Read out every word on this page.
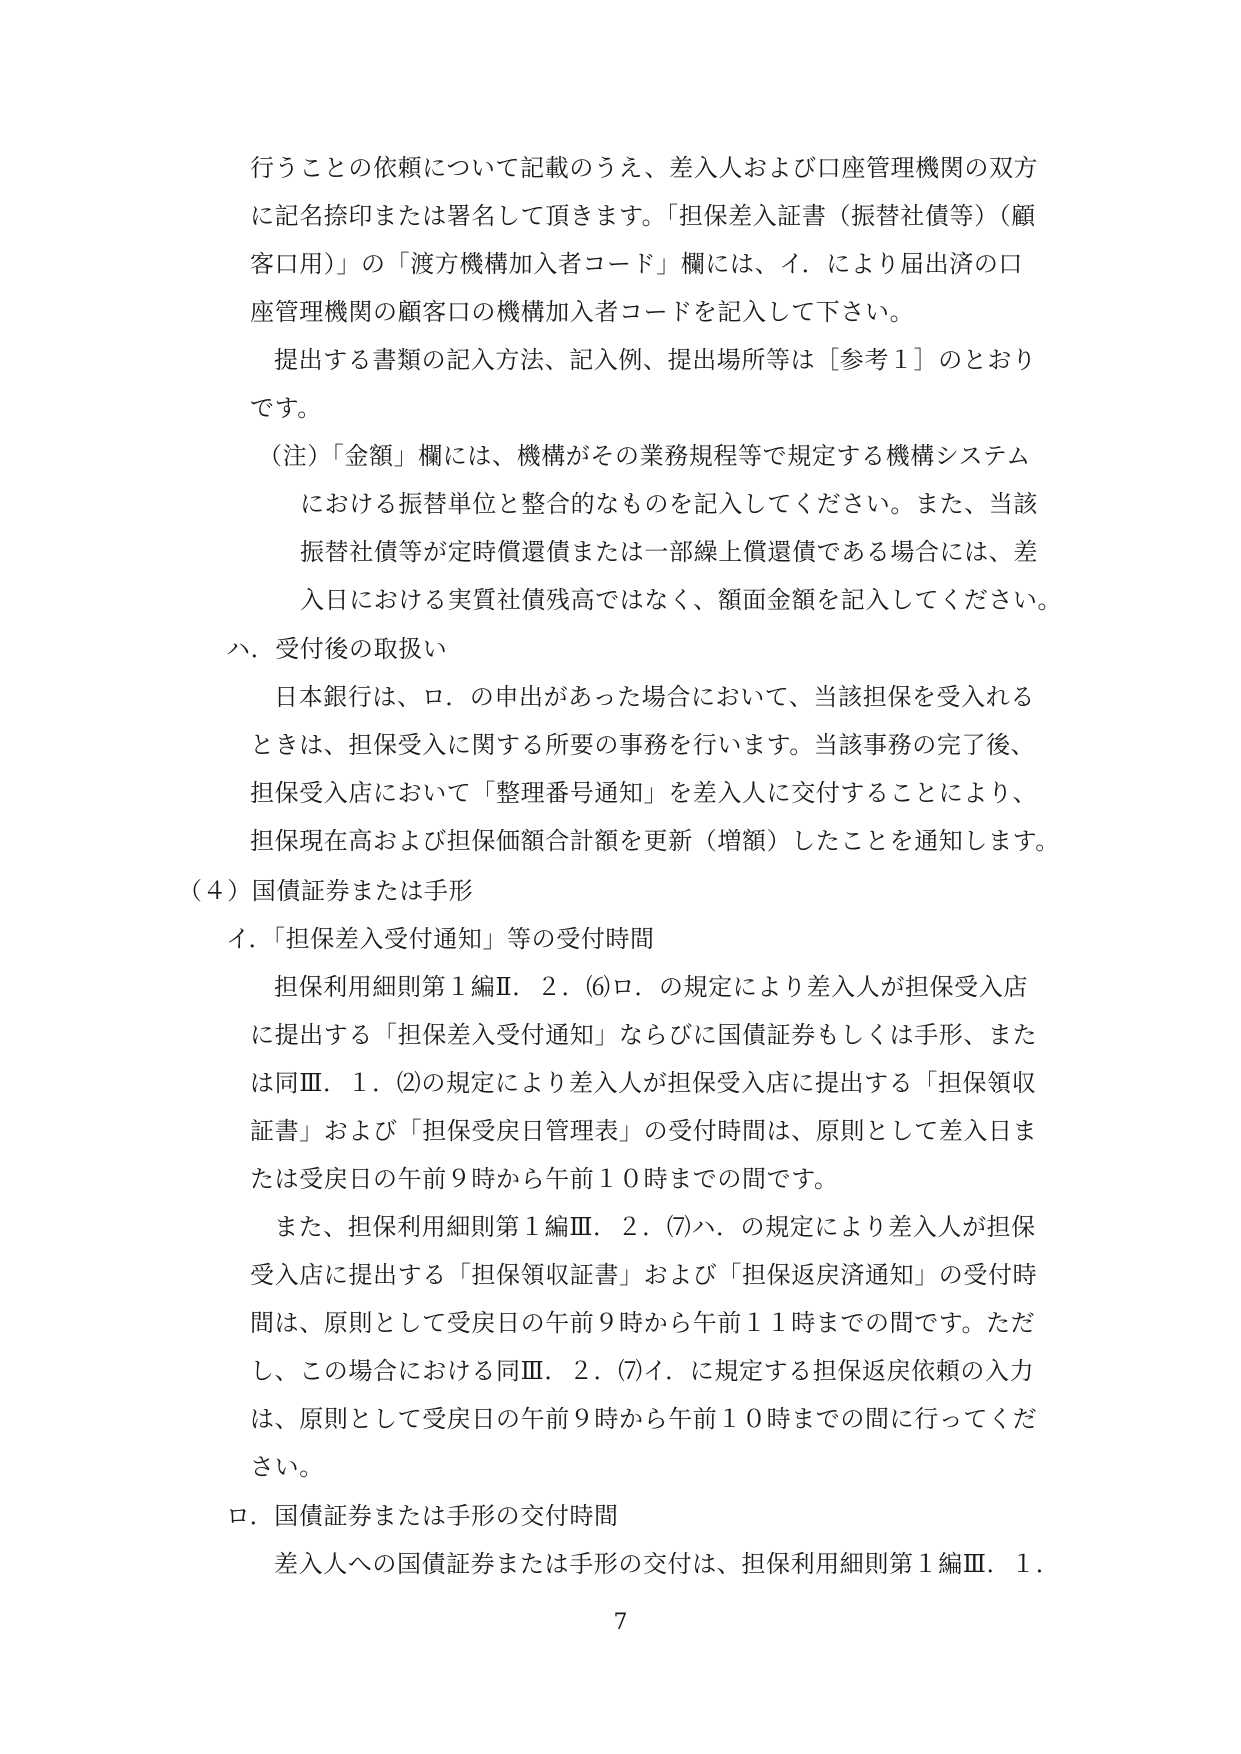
行うことの依頼について記載のうえ、差入人および口座管理機関の双方
に記名捺印または署名して頂きます。「担保差入証書（振替社債等）（顧
客口用）」の「渡方機構加入者コード」欄には、イ．により届出済の口
座管理機関の顧客口の機構加入者コードを記入して下さい。
提出する書類の記入方法、記入例、提出場所等は［参考１］のとおり
です。
（注）「金額」欄には、機構がその業務規程等で規定する機構システム
における振替単位と整合的なものを記入してください。また、当該
振替社債等が定時償還債または一部繰上償還債である場合には、差
入日における実質社債残高ではなく、額面金額を記入してください。
ハ．受付後の取扱い
日本銀行は、ロ．の申出があった場合において、当該担保を受入れる
ときは、担保受入に関する所要の事務を行います。当該事務の完了後、
担保受入店において「整理番号通知」を差入人に交付することにより、
担保現在高および担保価額合計額を更新（増額）したことを通知します。
（４）国債証券または手形
イ．「担保差入受付通知」等の受付時間
担保利用細則第１編Ⅱ．２．⑹ロ．の規定により差入人が担保受入店
に提出する「担保差入受付通知」ならびに国債証券もしくは手形、また
は同Ⅲ．１．⑵の規定により差入人が担保受入店に提出する「担保領収
証書」および「担保受戻日管理表」の受付時間は、原則として差入日ま
たは受戻日の午前９時から午前１０時までの間です。
また、担保利用細則第１編Ⅲ．２．⑺ハ．の規定により差入人が担保
受入店に提出する「担保領収証書」および「担保返戻済通知」の受付時
間は、原則として受戻日の午前９時から午前１１時までの間です。ただ
し、この場合における同Ⅲ．２．⑺イ．に規定する担保返戻依頼の入力
は、原則として受戻日の午前９時から午前１０時までの間に行ってくだ
さい。
ロ．国債証券または手形の交付時間
差入人への国債証券または手形の交付は、担保利用細則第１編Ⅲ．１．
7
